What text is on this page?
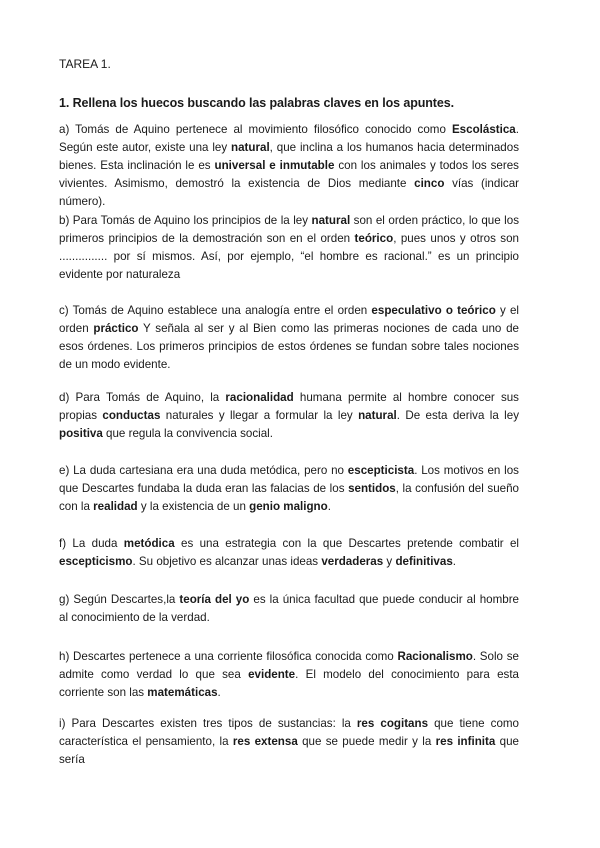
TAREA 1.
1. Rellena los huecos buscando las palabras claves en los apuntes.

a) Tomás de Aquino pertenece al movimiento filosófico conocido como Escolástica. Según este autor, existe una ley natural, que inclina a los humanos hacia determinados bienes. Esta inclinación le es universal e inmutable con los animales y todos los seres vivientes. Asimismo, demostró la existencia de Dios mediante cinco vías (indicar número).

b) Para Tomás de Aquino los principios de la ley natural son el orden práctico, lo que los primeros principios de la demostración son en el orden teórico, pues unos y otros son ............... por sí mismos. Así, por ejemplo, “el hombre es racional.” es un principio evidente por naturaleza

c) Tomás de Aquino establece una analogía entre el orden especulativo o teórico y el orden práctico Y señala al ser y al Bien como las primeras nociones de cada uno de esos órdenes. Los primeros principios de estos órdenes se fundan sobre tales nociones de un modo evidente.

d) Para Tomás de Aquino, la racionalidad humana permite al hombre conocer sus propias conductas naturales y llegar a formular la ley natural. De esta deriva la ley positiva que regula la convivencia social.

e) La duda cartesiana era una duda metódica, pero no escepticista. Los motivos en los que Descartes fundaba la duda eran las falacias de los sentidos, la confusión del sueño con la realidad y la existencia de un genio maligno.

f) La duda metódica es una estrategia con la que Descartes pretende combatir el escepticismo. Su objetivo es alcanzar unas ideas verdaderas y definitivas.

g) Según Descartes,la teoría del yo es la única facultad que puede conducir al hombre al conocimiento de la verdad.

h) Descartes pertenece a una corriente filosófica conocida como Racionalismo. Solo se admite como verdad lo que sea evidente. El modelo del conocimiento para esta corriente son las matemáticas.

i) Para Descartes existen tres tipos de sustancias: la res cogitans que tiene como característica el pensamiento, la res extensa que se puede medir y la res infinita que sería
